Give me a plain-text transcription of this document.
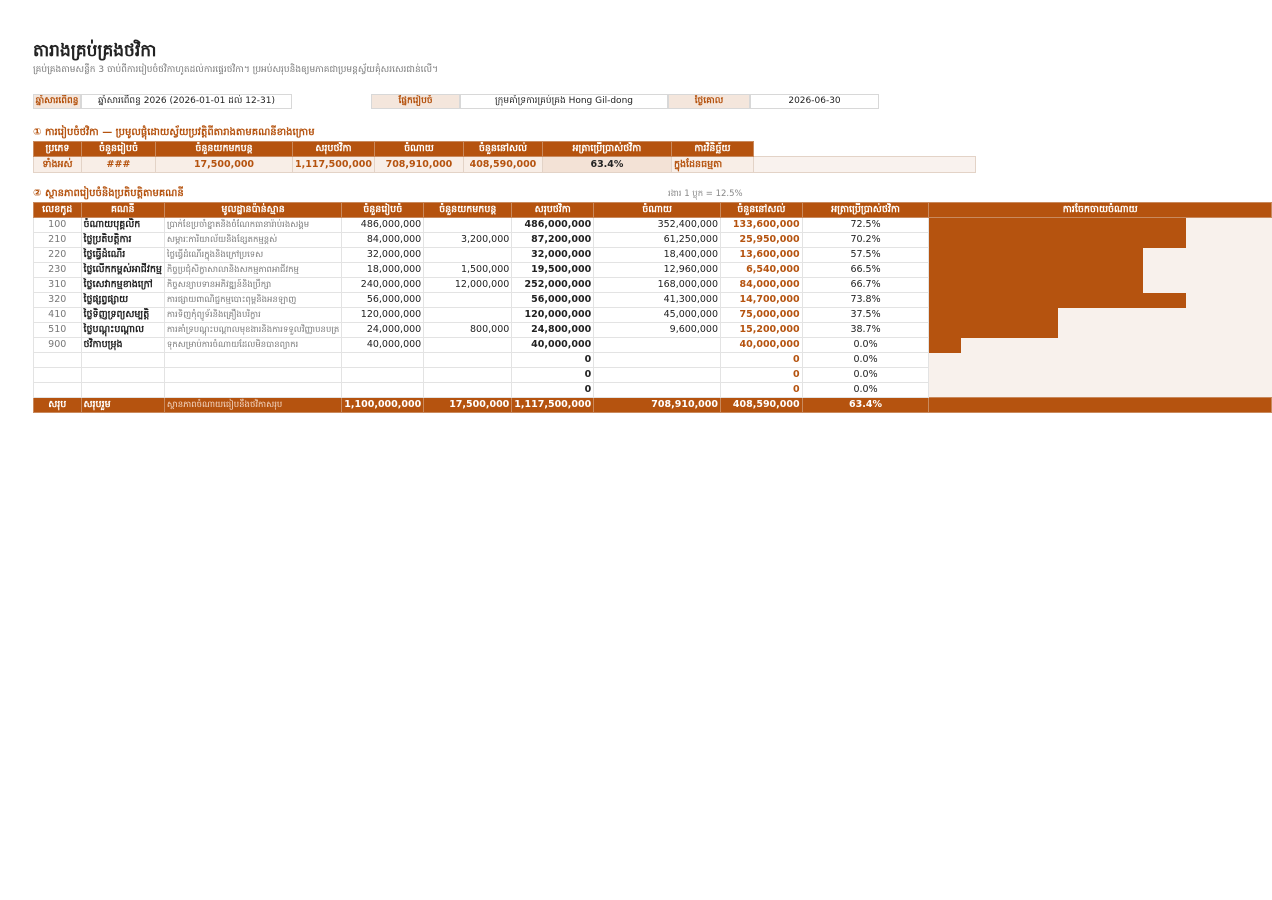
តារាងគ្រប់គ្រងថវិកា
គ្រប់គ្រងតាមសន្លឹក 3 ចាប់ពីការរៀបចំថវិកាហូតដល់ការផ្ទេរថវិកា។ ប្រអប់សរុបនិងឲ្យមភាគជាប្រមន្តស្វ័យគុំសរសេរជាន់លើ។
ឆ្នាំសារពើពន្ធ	ឆ្នាំសារពើពន្ធ 2026 (2026-01-01 ដល់ 12-31)	ផ្នែករៀបចំ	ក្រុមគាំទ្រការគ្រប់គ្រង Hong Gil-dong	ថ្ងៃគោល	2026-06-30
① ការរៀបចំថវិកា — ប្រមូលផ្តុំដោយស្វ័យប្រវត្តិពីតារាងតាមគណនីខាងក្រោម
ប្រភេទ	ចំនួនរៀបចំ	ចំនួនយកមកបន្ត	សរុបថវិកា	ចំណាយ	ចំនួននៅសល់	អត្រាប្រើប្រាស់ថវិកា	ការវិនិច្ឆ័យ	
ទាំងអស់	###	17,500,000	1,117,500,000	708,910,000	408,590,000	63.4%	ក្នុងដែនធម្មតា	
② ស្ថានភាពរៀបចំនិងប្រតិបត្តិតាមគណនី	រងារ 1 ប្លុក = 12.5%
លេខកូដ	គណនី	មូលដ្ឋានប៉ាន់ស្មាន	ចំនួនរៀបចំ	ចំនួនយកមកបន្ត	សរុបថវិកា	ចំណាយ	ចំនួននៅសល់	អត្រាប្រើប្រាស់ថវិកា	ការចែកចាយចំណាយ
100	ចំណាយបុគ្គលិក	ប្រាក់ខែប្រចាំខ្នាតនិងចំណែកធានារ៉ាប់រងសង្គម	486,000,000		486,000,000	352,400,000	133,600,000	72.5%	

210	ថ្លៃប្រតិបត្តិការ	សម្ភារៈការិយាល័យនិងខ្សែតកម្មន្តស់	84,000,000	3,200,000	87,200,000	61,250,000	25,950,000	70.2%	

220	ថ្លៃធ្វើដំណើរ	ថ្លៃធ្វើដំណើរក្នុងនិងក្រៅប្រទេស	32,000,000		32,000,000	18,400,000	13,600,000	57.5%	

230	ថ្លៃលើកកម្ពស់អាជីវកម្ម	កិច្ចប្រជុំសិក្ខាសាលានិងសកម្មភាពអាជីវកម្ម	18,000,000	1,500,000	19,500,000	12,960,000	6,540,000	66.5%	

310	ថ្លៃសេវាកម្មខាងក្រៅ	កិច្ចសន្យាបទានអភិវឌ្ឍន៍និងប្រឹក្សា	240,000,000	12,000,000	252,000,000	168,000,000	84,000,000	66.7%	

320	ថ្លៃផ្សព្វផ្សាយ	ការផ្សាយពាណិជ្ជកម្មបោះពុម្ពនិងអនឡាញ	56,000,000		56,000,000	41,300,000	14,700,000	73.8%	

410	ថ្លៃទិញទ្រព្យសម្បត្តិ	ការទិញកុំព្យូទ័រនិងគ្រឿងបរិក្ខារ	120,000,000		120,000,000	45,000,000	75,000,000	37.5%	

510	ថ្លៃបណ្តុះបណ្តាល	ការគាំទ្របណ្តុះបណ្តាលមុខងារនិងការទទួលវិញ្ញាបនបត្រ	24,000,000	800,000	24,800,000	9,600,000	15,200,000	38.7%	

900	ថវិកាបម្រុង	ទុកសម្រាប់ការចំណាយដែលមិនបានព្យាករ	40,000,000		40,000,000		40,000,000	0.0%	

					0		0	0.0%	
					0		0	0.0%	
					0		0	0.0%	
សរុប	សរុបរួម	ស្ថានភាពចំណាយធៀបនឹងថវិកាសរុប	1,100,000,000	17,500,000	1,117,500,000	708,910,000	408,590,000	63.4%	
